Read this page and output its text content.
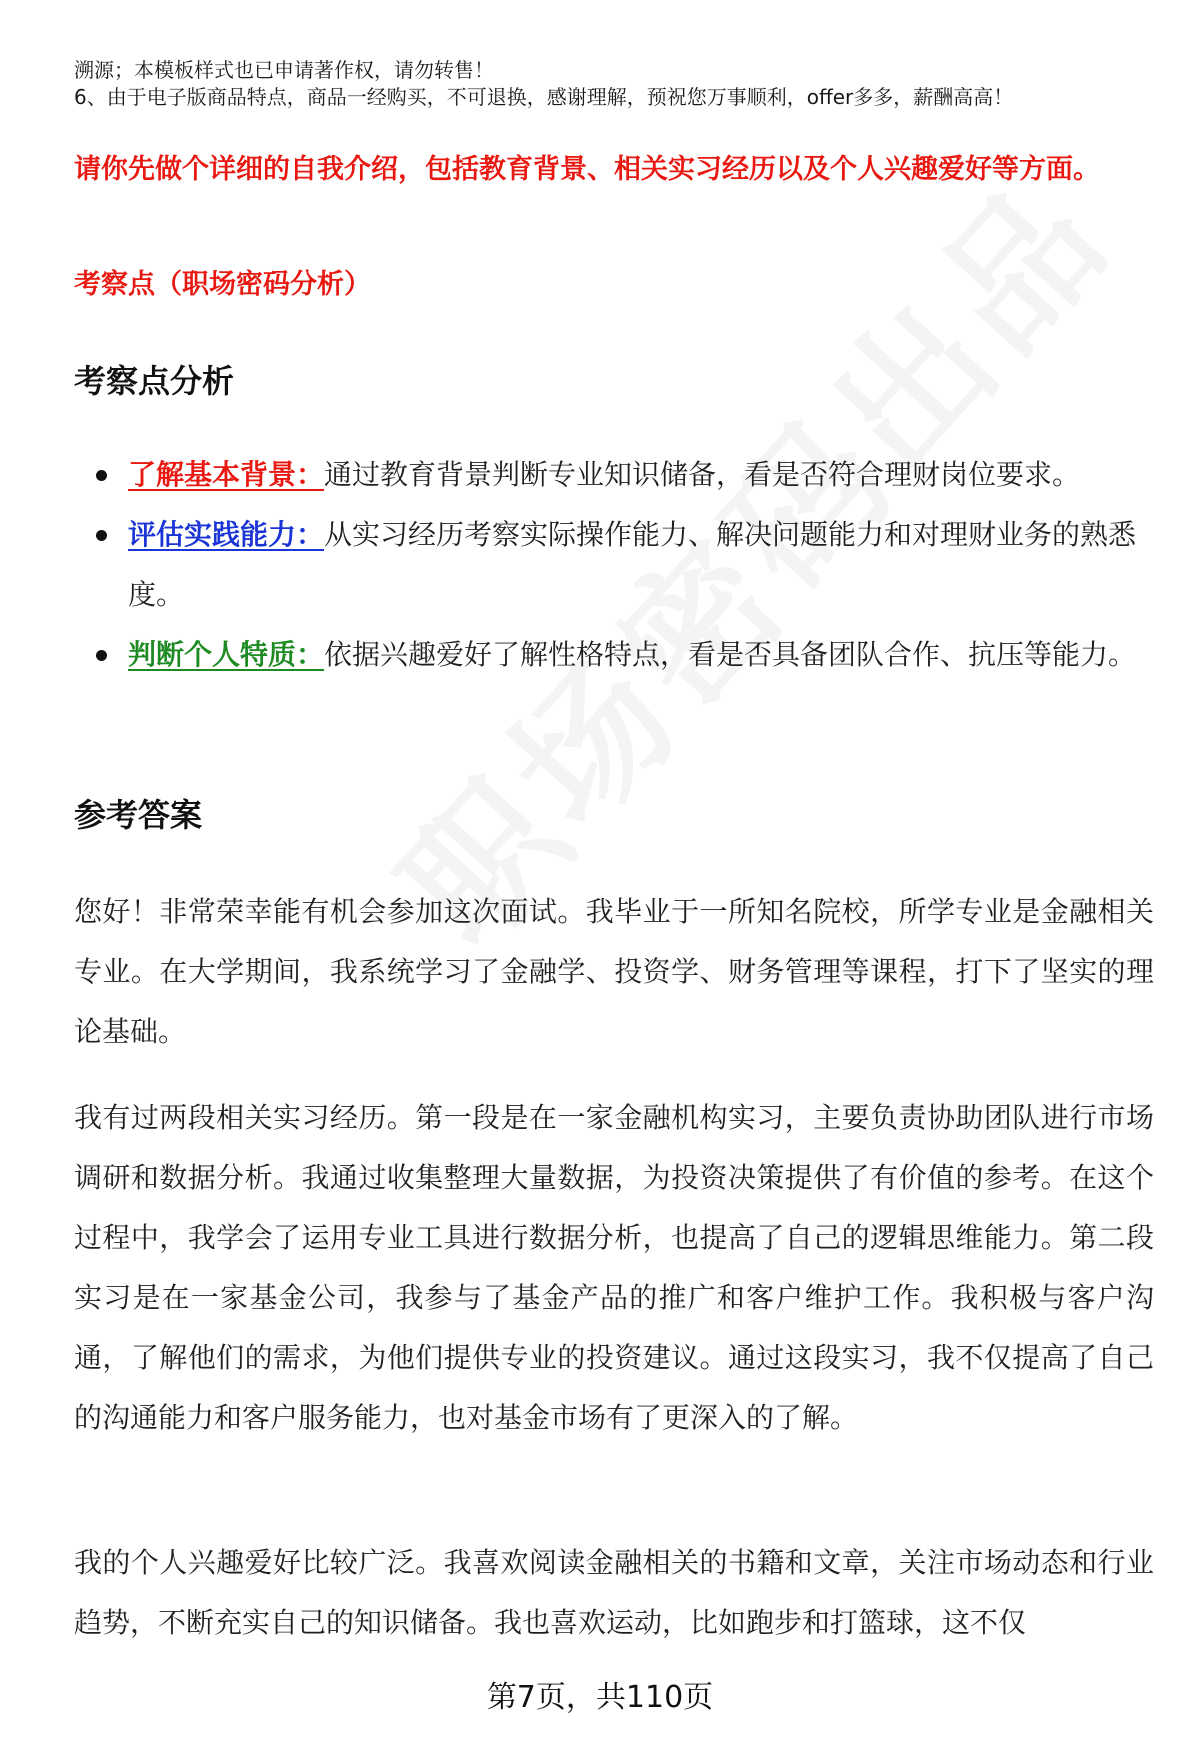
溯源；本模板样式也已申请著作权，请勿转售！
6、由于电子版商品特点，商品一经购买，不可退换，感谢理解，预祝您万事顺利，offer多多，薪酬高高！
请你先做个详细的自我介绍，包括教育背景、相关实习经历以及个人兴趣爱好等方面。
考察点（职场密码分析）
考察点分析
了解基本背景：通过教育背景判断专业知识储备，看是否符合理财岗位要求。
评估实践能力：从实习经历考察实际操作能力、解决问题能力和对理财业务的熟悉度。
判断个人特质：依据兴趣爱好了解性格特点，看是否具备团队合作、抗压等能力。
参考答案

您好！非常荣幸能有机会参加这次面试。我毕业于一所知名院校，所学专业是金融相关专业。在大学期间，我系统学习了金融学、投资学、财务管理等课程，打下了坚实的理论基础。

我有过两段相关实习经历。第一段是在一家金融机构实习，主要负责协助团队进行市场调研和数据分析。我通过收集整理大量数据，为投资决策提供了有价值的参考。在这个过程中，我学会了运用专业工具进行数据分析，也提高了自己的逻辑思维能力。第二段实习是在一家基金公司，我参与了基金产品的推广和客户维护工作。我积极与客户沟通，了解他们的需求，为他们提供专业的投资建议。通过这段实习，我不仅提高了自己的沟通能力和客户服务能力，也对基金市场有了更深入的了解。

我的个人兴趣爱好比较广泛。我喜欢阅读金融相关的书籍和文章，关注市场动态和行业趋势，不断充实自己的知识储备。我也喜欢运动，比如跑步和打篮球，这不仅

第7页，共110页
